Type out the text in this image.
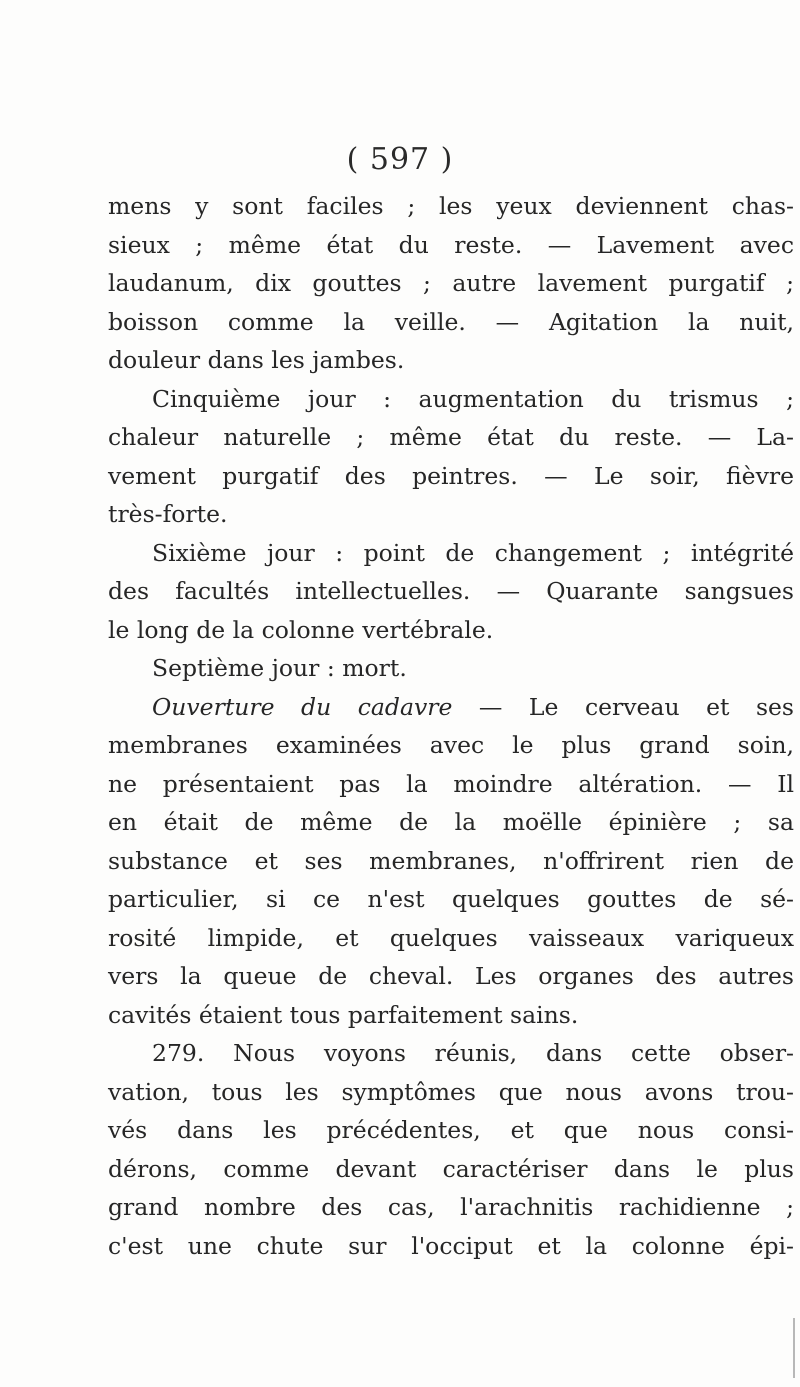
( 597 )
mens y sont faciles ; les yeux deviennent chas-
sieux ; même état du reste. — Lavement avec
laudanum, dix gouttes ; autre lavement purgatif ;
boisson comme la veille. — Agitation la nuit,
douleur dans les jambes.
Cinquième jour : augmentation du trismus ;
chaleur naturelle ; même état du reste. — La-
vement purgatif des peintres. — Le soir, fièvre
très-forte.
Sixième jour : point de changement ; intégrité
des facultés intellectuelles. — Quarante sangsues
le long de la colonne vertébrale.
Septième jour : mort.
Ouverture du cadavre — Le cerveau et ses
membranes examinées avec le plus grand soin,
ne présentaient pas la moindre altération. — Il
en était de même de la moëlle épinière ; sa
substance et ses membranes, n'offrirent rien de
particulier, si ce n'est quelques gouttes de sé-
rosité limpide, et quelques vaisseaux variqueux
vers la queue de cheval. Les organes des autres
cavités étaient tous parfaitement sains.
279. Nous voyons réunis, dans cette obser-
vation, tous les symptômes que nous avons trou-
vés dans les précédentes, et que nous consi-
dérons, comme devant caractériser dans le plus
grand nombre des cas, l'arachnitis rachidienne ;
c'est une chute sur l'occiput et la colonne épi-
